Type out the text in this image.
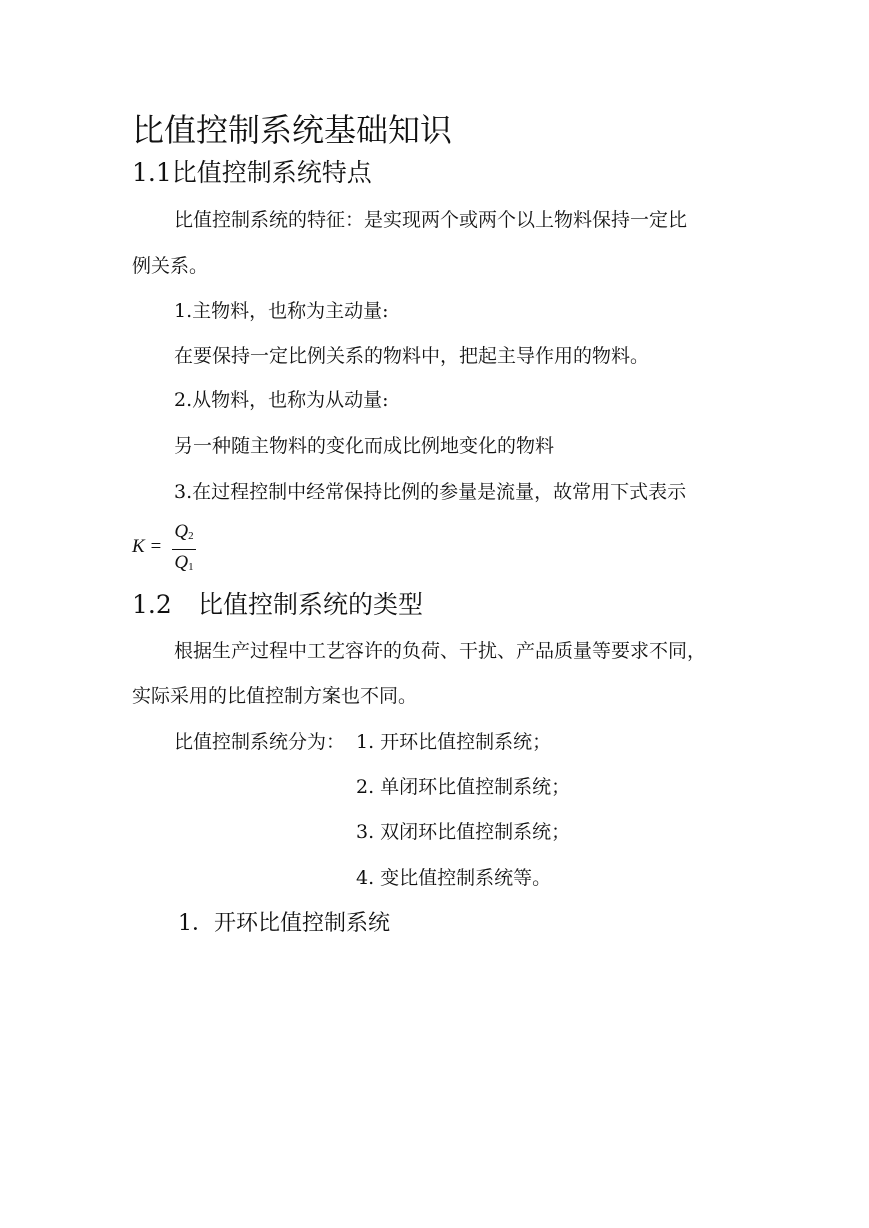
比值控制系统基础知识
1.1比值控制系统特点
比值控制系统的特征：是实现两个或两个以上物料保持一定比
例关系。
1.主物料，也称为主动量:
在要保持一定比例关系的物料中，把起主导作用的物料。
2.从物料，也称为从动量:
另一种随主物料的变化而成比例地变化的物料
3.在过程控制中经常保持比例的参量是流量，故常用下式表示
K =
$Q_2$
$Q_1$
1.2 比值控制系统的类型
根据生产过程中工艺容许的负荷、干扰、产品质量等要求不同，
实际采用的比值控制方案也不同。
比值控制系统分为： 1. 开环比值控制系统；
2. 单闭环比值控制系统；
3. 双闭环比值控制系统；
4. 变比值控制系统等。
1．开环比值控制系统
